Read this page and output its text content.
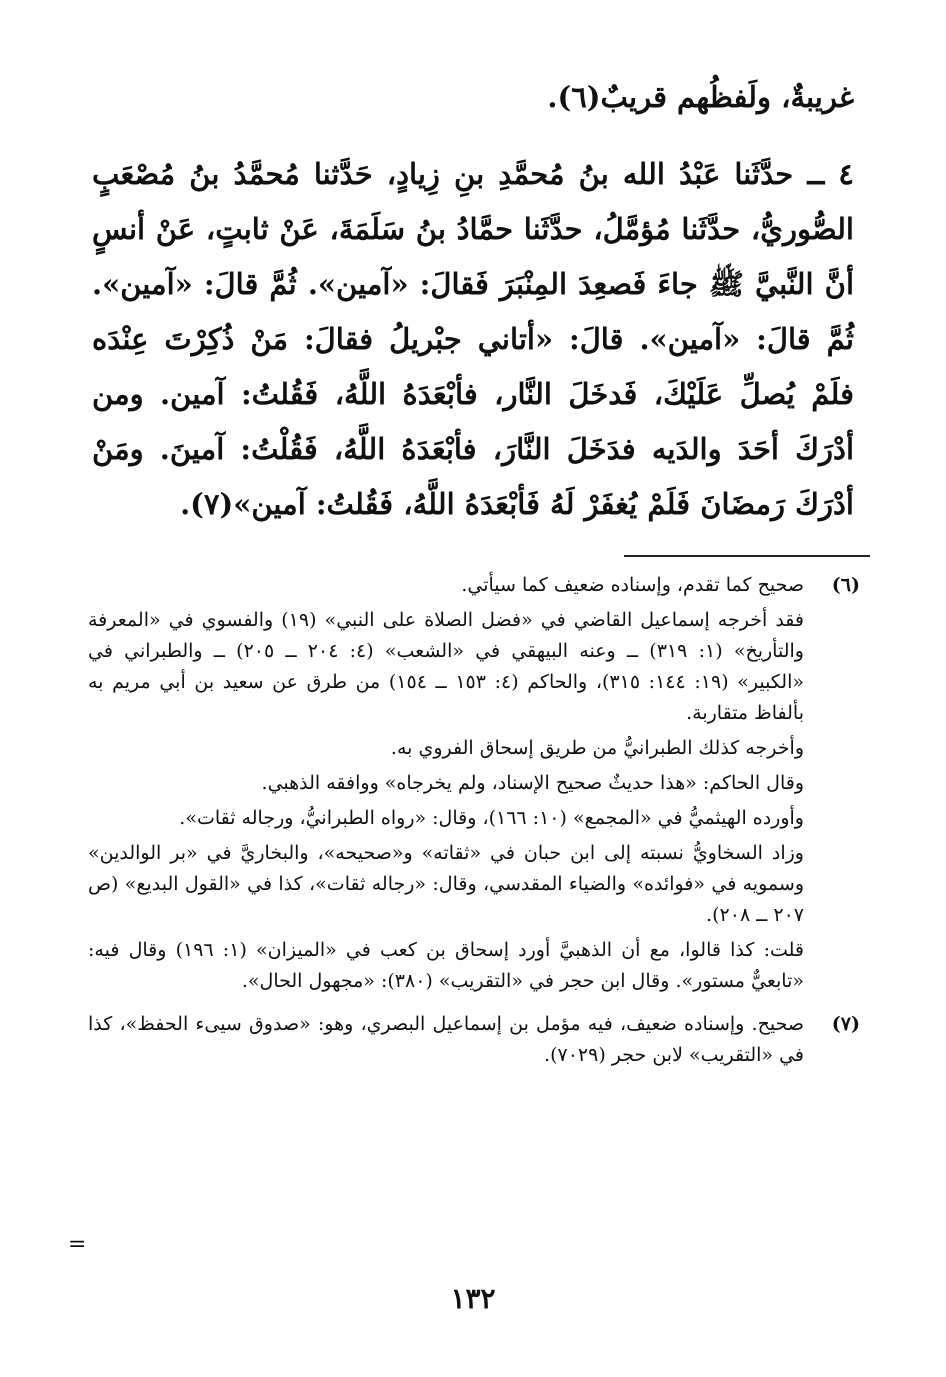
غريبةٌ، ولَفظُهم قريبٌ(٦).

٤ ــ حدَّثَنا عَبْدُ الله بنُ مُحمَّدِ بنِ زِيادٍ، حَدَّثنا مُحمَّدُ بنُ مُصْعَبٍ الصُّوريُّ، حدَّثَنا مُؤمَّلُ، حدَّثَنا حمَّادُ بنُ سَلَمَةَ، عَنْ ثابتٍ، عَنْ أنسٍ أنَّ النَّبيَّ ﷺ جاءَ فَصعِدَ المِنْبَرَ فَقالَ: «آمين». ثُمَّ قالَ: «آمين». ثُمَّ قالَ: «آمين». قالَ: «أتاني جبْريلُ فقالَ: مَنْ ذُكِرْتَ عِنْدَه فلَمْ يُصلِّ عَلَيْكَ، فَدخَلَ النَّار، فأبْعَدَهُ اللَّهُ، فَقُلتُ: آمين. ومن أدْرَكَ أحَدَ والدَيه فدَخَلَ النَّارَ، فأبْعَدَهُ اللَّهُ، فَقُلْتُ: آمينَ. ومَنْ أدْرَكَ رَمضَانَ فَلَمْ يُغفَرْ لَهُ فَأبْعَدَهُ اللَّهُ، فَقُلتُ: آمين»(٧).

(٦)

صحيح كما تقدم، وإسناده ضعيف كما سيأتي.

فقد أخرجه إسماعيل القاضي في «فضل الصلاة على النبي» (١٩) والفسوي في «المعرفة والتأريخ» (١: ٣١٩) ــ وعنه البيهقي في «الشعب» (٤: ٢٠٤ ــ ٢٠٥) ــ والطبراني في «الكبير» (١٩: ١٤٤: ٣١٥)، والحاكم (٤: ١٥٣ ــ ١٥٤) من طرق عن سعيد بن أبي مريم به بألفاظ متقاربة.

وأخرجه كذلك الطبرانيُّ من طريق إسحاق الفروي به.

وقال الحاكم: «هذا حديثٌ صحيح الإسناد، ولم يخرجاه» ووافقه الذهبي.

وأورده الهيثميُّ في «المجمع» (١٠: ١٦٦)، وقال: «رواه الطبرانيُّ، ورجاله ثقات».

وزاد السخاويُّ نسبته إلى ابن حبان في «ثقاته» و«صحيحه»، والبخاريَّ في «بر الوالدين» وسمويه في «فوائده» والضياء المقدسي، وقال: «رجاله ثقات»، كذا في «القول البديع» (ص ٢٠٧ ــ ٢٠٨).

قلت: كذا قالوا، مع أن الذهبيَّ أورد إسحاق بن كعب في «الميزان» (١: ١٩٦) وقال فيه: «تابعيٌّ مستور». وقال ابن حجر في «التقريب» (٣٨٠): «مجهول الحال».

(٧)

صحيح. وإسناده ضعيف، فيه مؤمل بن إسماعيل البصري، وهو: «صدوق سيىء الحفظ»، كذا في «التقريب» لابن حجر (٧٠٢٩).

=
١٣٢
